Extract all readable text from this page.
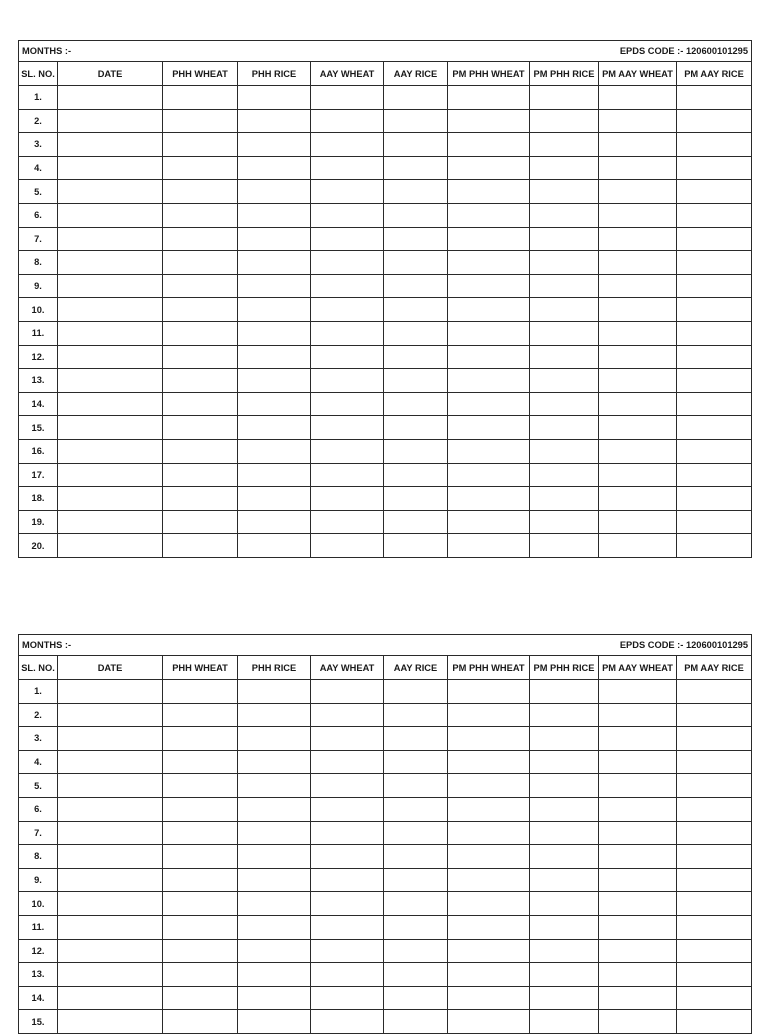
MONTHS :- EPDS CODE :- 120600101295									

SL. NO.	DATE	PHH WHEAT	PHH RICE	AAY WHEAT	AAY RICE	PM PHH WHEAT	PM PHH RICE	PM AAY WHEAT	PM AAY RICE
1.									
2.									
3.									
4.									
5.									
6.									
7.									
8.									
9.									
10.									
11.									
12.									
13.									
14.									
15.									
16.									
17.									
18.									
19.									
20.									
MONTHS :- EPDS CODE :- 120600101295									

SL. NO.	DATE	PHH WHEAT	PHH RICE	AAY WHEAT	AAY RICE	PM PHH WHEAT	PM PHH RICE	PM AAY WHEAT	PM AAY RICE
1.									
2.									
3.									
4.									
5.									
6.									
7.									
8.									
9.									
10.									
11.									
12.									
13.									
14.									
15.									
